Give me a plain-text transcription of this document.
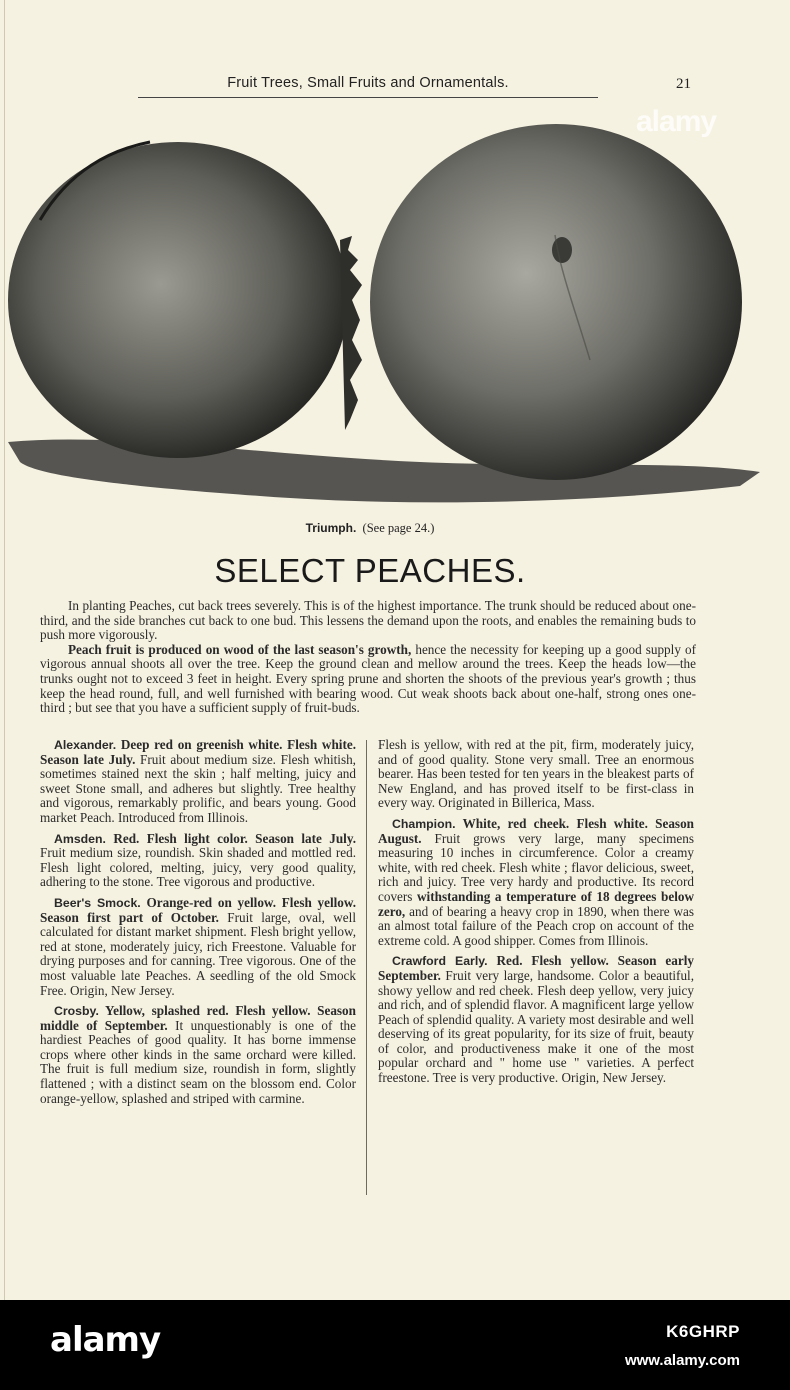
Fruit Trees, Small Fruits and Ornamentals.	21
alamy
Triumph. (See page 24.)
SELECT PEACHES.

In planting Peaches, cut back trees severely. This is of the highest importance. The trunk should be reduced about one-third, and the side branches cut back to one bud. This lessens the demand upon the roots, and enables the remaining buds to push more vigorously.

Peach fruit is produced on wood of the last season's growth, hence the necessity for keeping up a good supply of vigorous annual shoots all over the tree. Keep the ground clean and mellow around the trees. Keep the heads low—the trunks ought not to exceed 3 feet in height. Every spring prune and shorten the shoots of the previous year's growth ; thus keep the head round, full, and well furnished with bearing wood. Cut weak shoots back about one-half, strong ones one-third ; but see that you have a sufficient supply of fruit-buds.

Alexander. Deep red on greenish white. Flesh white. Season late July. Fruit about medium size. Flesh whitish, sometimes stained next the skin ; half melting, juicy and sweet Stone small, and adheres but slightly. Tree healthy and vigorous, remarkably prolific, and bears young. Good market Peach. Introduced from Illinois.

Amsden. Red. Flesh light color. Season late July. Fruit medium size, roundish. Skin shaded and mottled red. Flesh light colored, melting, juicy, very good quality, adhering to the stone. Tree vigorous and productive.

Beer's Smock. Orange-red on yellow. Flesh yellow. Season first part of October. Fruit large, oval, well calculated for distant market shipment. Flesh bright yellow, red at stone, moderately juicy, rich Freestone. Valuable for drying purposes and for canning. Tree vigorous. One of the most valuable late Peaches. A seedling of the old Smock Free. Origin, New Jersey.

Crosby. Yellow, splashed red. Flesh yellow. Season middle of September. It unquestionably is one of the hardiest Peaches of good quality. It has borne immense crops where other kinds in the same orchard were killed. The fruit is full medium size, roundish in form, slightly flattened ; with a distinct seam on the blossom end. Color orange-yellow, splashed and striped with carmine.

Flesh is yellow, with red at the pit, firm, moderately juicy, and of good quality. Stone very small. Tree an enormous bearer. Has been tested for ten years in the bleakest parts of New England, and has proved itself to be first-class in every way. Originated in Billerica, Mass.

Champion. White, red cheek. Flesh white. Season August. Fruit grows very large, many specimens measuring 10 inches in circumference. Color a creamy white, with red cheek. Flesh white ; flavor delicious, sweet, rich and juicy. Tree very hardy and productive. Its record covers withstanding a temperature of 18 degrees below zero, and of bearing a heavy crop in 1890, when there was an almost total failure of the Peach crop on account of the extreme cold. A good shipper. Comes from Illinois.

Crawford Early. Red. Flesh yellow. Season early September. Fruit very large, handsome. Color a beautiful, showy yellow and red cheek. Flesh deep yellow, very juicy and rich, and of splendid flavor. A magnificent large yellow Peach of splendid quality. A variety most desirable and well deserving of its great popularity, for its size of fruit, beauty of color, and productiveness make it one of the most popular orchard and " home use " varieties. A perfect freestone. Tree is very productive. Origin, New Jersey.

alamy	K6GHRP
www.alamy.com
